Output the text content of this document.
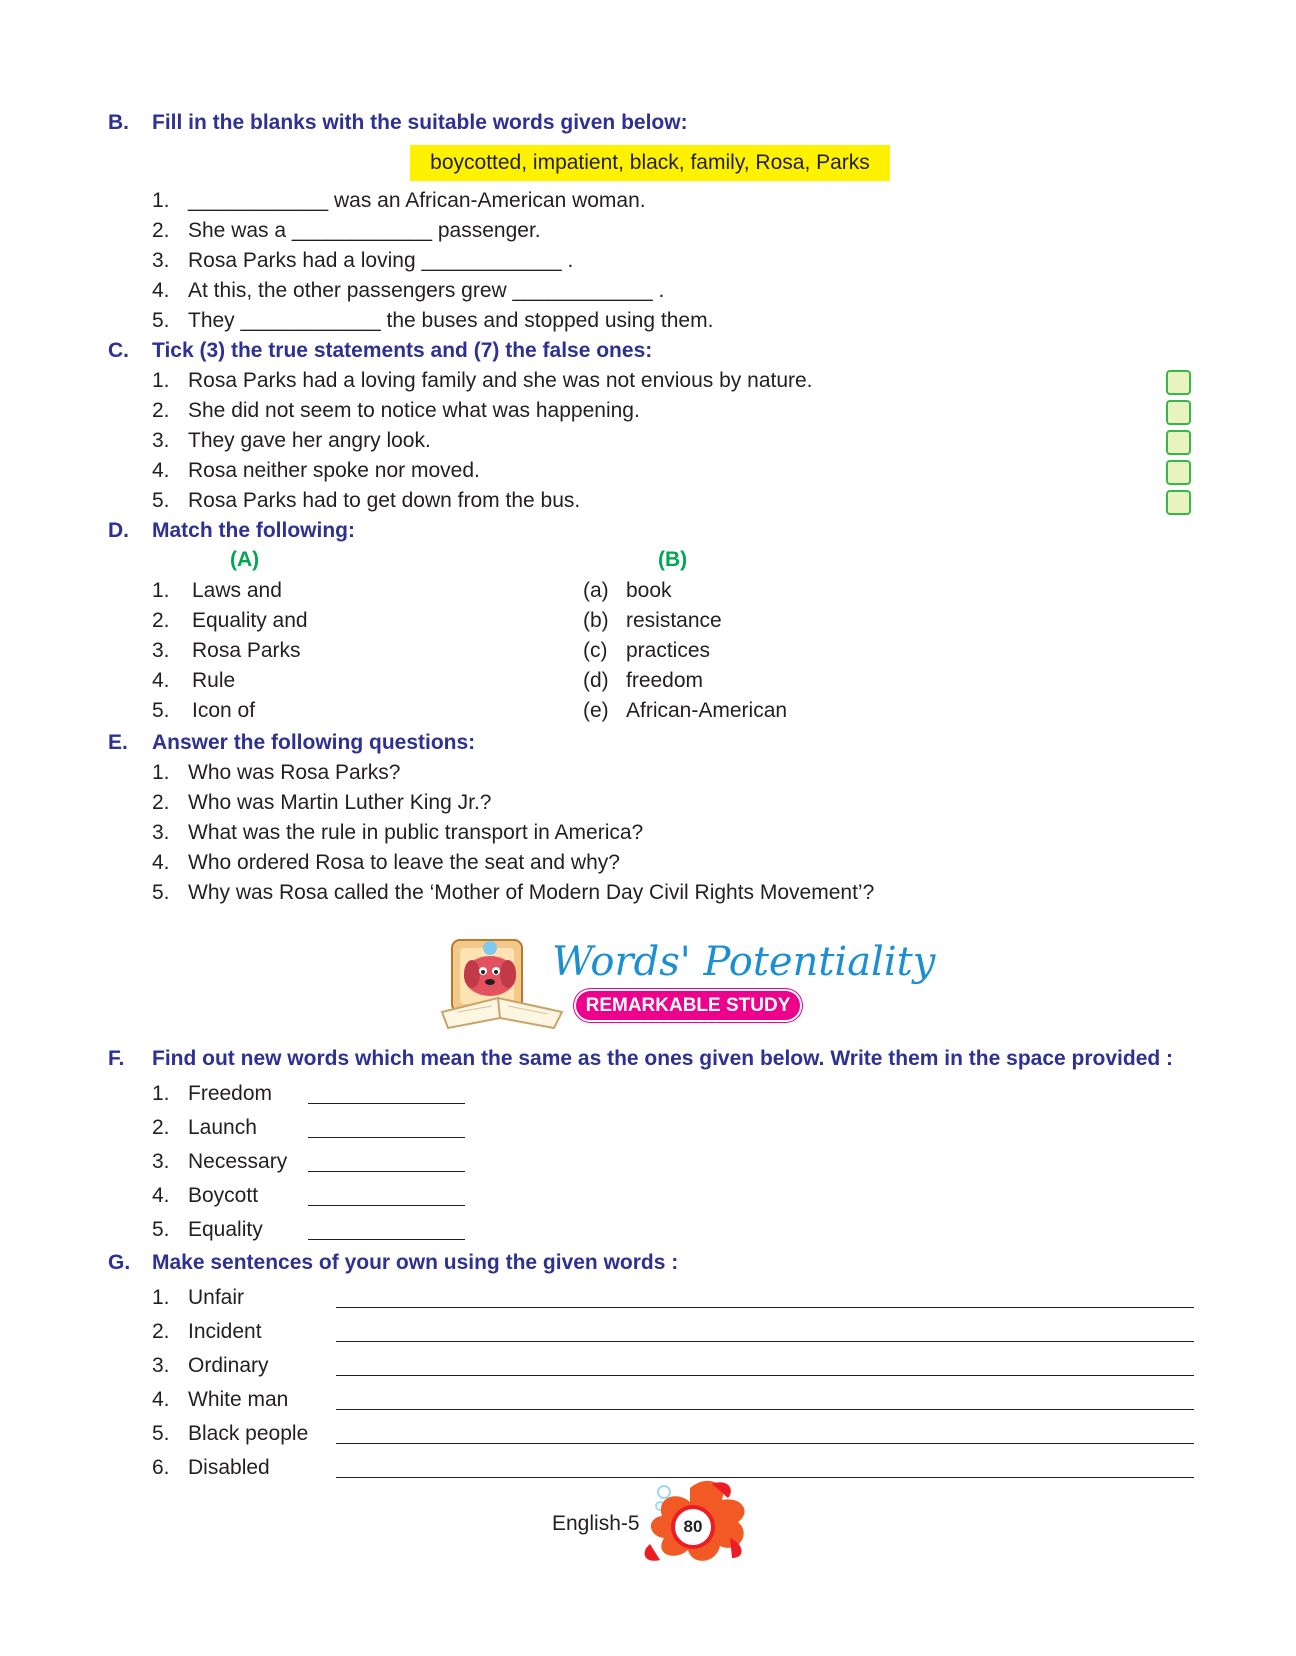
B. Fill in the blanks with the suitable words given below:
boycotted, impatient, black, family, Rosa, Parks
1. ____________ was an African-American woman.
2. She was a ____________ passenger.
3. Rosa Parks had a loving ____________ .
4. At this, the other passengers grew ____________ .
5. They ____________ the buses and stopped using them.
C. Tick (3) the true statements and (7) the false ones:
1. Rosa Parks had a loving family and she was not envious by nature.
2. She did not seem to notice what was happening.
3. They gave her angry look.
4. Rosa neither spoke nor moved.
5. Rosa Parks had to get down from the bus.
D. Match the following:
(A)	(B)
1. Laws and
2. Equality and
3. Rosa Parks
4. Rule
5. Icon of
(a) book
(b) resistance
(c) practices
(d) freedom
(e) African-American
E. Answer the following questions:
1. Who was Rosa Parks?
2. Who was Martin Luther King Jr.?
3. What was the rule in public transport in America?
4. Who ordered Rosa to leave the seat and why?
5. Why was Rosa called the ‘Mother of Modern Day Civil Rights Movement’?
Words' Potentiality
REMARKABLE STUDY
F. Find out new words which mean the same as the ones given below. Write them in the space provided :
1. Freedom
2. Launch
3. Necessary
4. Boycott
5. Equality
G. Make sentences of your own using the given words :
1. Unfair
2. Incident
3. Ordinary
4. White man
5. Black people
6. Disabled
English-5	80
